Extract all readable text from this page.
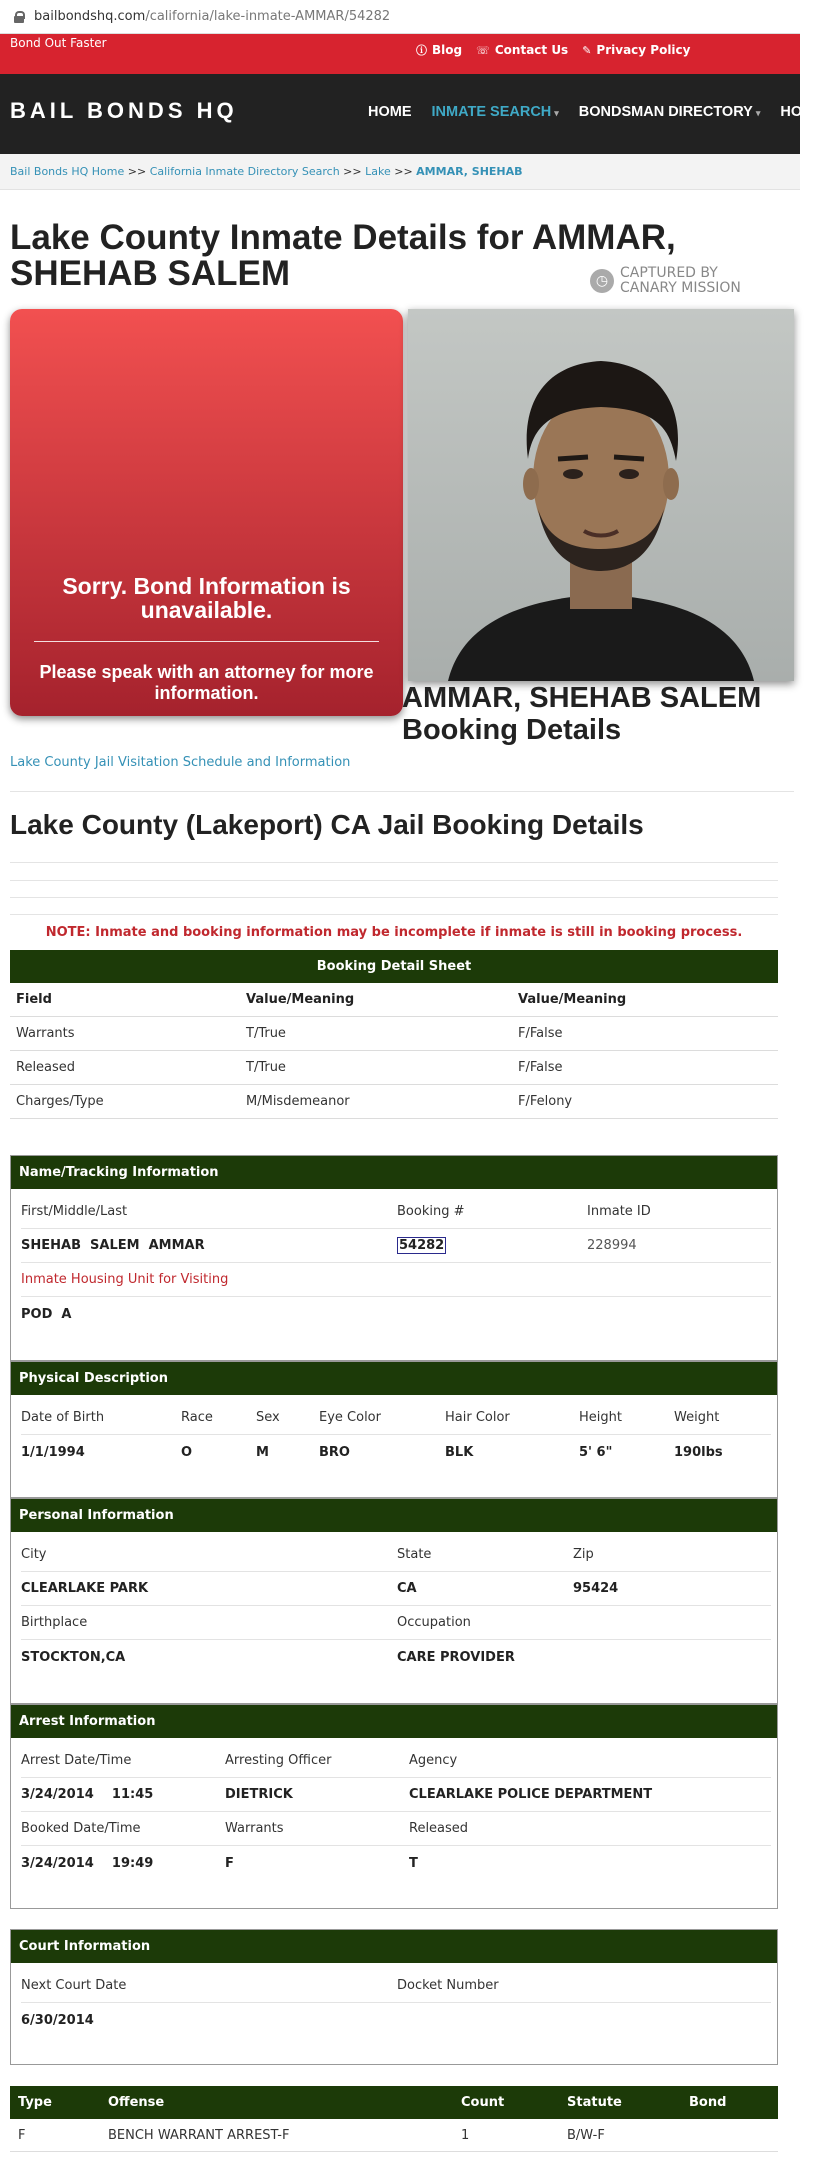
bailbondshq.com /california/lake-inmate-AMMAR/54282
Bond Out Faster
ⓘ Blog ☏ Contact Us ✎ Privacy Policy
BAIL BONDS HQ	HOME INMATE SEARCH ▾ BONDSMAN DIRECTORY ▾ HOW
Bail Bonds HQ Home >> California Inmate Directory Search >> Lake >> AMMAR, SHEHAB
Lake County Inmate Details for AMMAR, SHEHAB SALEM	◷ CAPTURED BY CANARY MISSION
Sorry. Bond Information is unavailable.
Please speak with an attorney for more information.	AMMAR, SHEHAB SALEM Booking Details
Lake County Jail Visitation Schedule and Information
Lake County (Lakeport) CA Jail Booking Details
NOTE: Inmate and booking information may be incomplete if inmate is still in booking process.
Booking Detail Sheet
Field	Value/Meaning	Value/Meaning
Warrants	T/True	F/False
Released	T/True	F/False
Charges/Type	M/Misdemeanor	F/Felony
Name/Tracking Information
First/Middle/Last	Booking #	Inmate ID
SHEHAB  SALEM  AMMAR	54282	228994
Inmate Housing Unit for Visiting
POD  A
Physical Description
Date of Birth	Race	Sex	Eye Color	Hair Color	Height	Weight
1/1/1994	O	M	BRO	BLK	5' 6"	190lbs
Personal Information
City	State	Zip
CLEARLAKE PARK	CA	95424
Birthplace	Occupation
STOCKTON,CA	CARE PROVIDER
Arrest Information
Arrest Date/Time	Arresting Officer	Agency
3/24/2014    11:45	DIETRICK	CLEARLAKE POLICE DEPARTMENT
Booked Date/Time	Warrants	Released
3/24/2014    19:49	F	T
Court Information
Next Court Date	Docket Number
6/30/2014
Type	Offense	Count	Statute	Bond
F	BENCH WARRANT ARREST-F	1	B/W-F
